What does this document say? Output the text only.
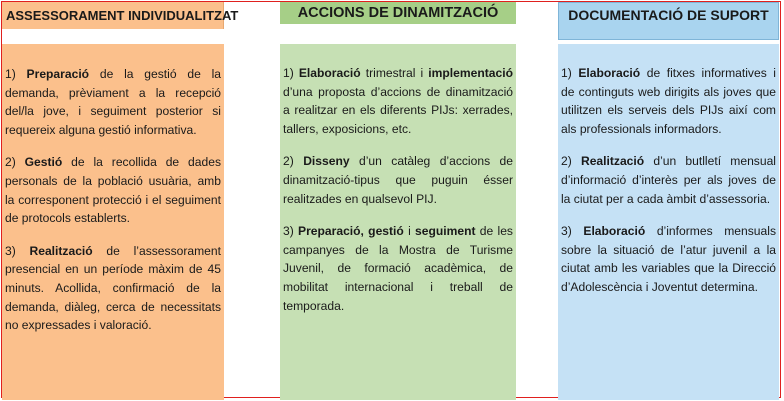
ASSESSORAMENT INDIVIDUALITZAT	ACCIONS DE DINAMITZACIÓ	DOCUMENTACIÓ DE SUPORT

1) Preparació de la gestió de la demanda, prèviament a la recepció del/la jove, i seguiment posterior si requereix alguna gestió informativa.

2) Gestió de la recollida de dades personals de la població usuària, amb la corresponent protecció i el seguiment de protocols establerts.

3) Realització de l’assessorament presencial en un període màxim de 45 minuts. Acollida, confirmació de la demanda, diàleg, cerca de necessitats no expressades i valoració.

1) Elaboració trimestral i implementació d’una proposta d’accions de dinamització a realitzar en els diferents PIJs: xerrades, tallers, exposicions, etc.

2) Disseny d’un catàleg d’accions de dinamització-tipus que puguin ésser realitzades en qualsevol PIJ.

3) Preparació, gestió i seguiment de les campanyes de la Mostra de Turisme Juvenil, de formació acadèmica, de mobilitat internacional i treball de temporada.

1) Elaboració de fitxes informatives i de continguts web dirigits als joves que utilitzen els serveis dels PIJs així com als professionals informadors.

2) Realització d’un butlletí mensual d’informació d’interès per als joves de la ciutat per a cada àmbit d’assessoria.

3) Elaboració d’informes mensuals sobre la situació de l’atur juvenil a la ciutat amb les variables que la Direcció d’Adolescència i Joventut determina.
